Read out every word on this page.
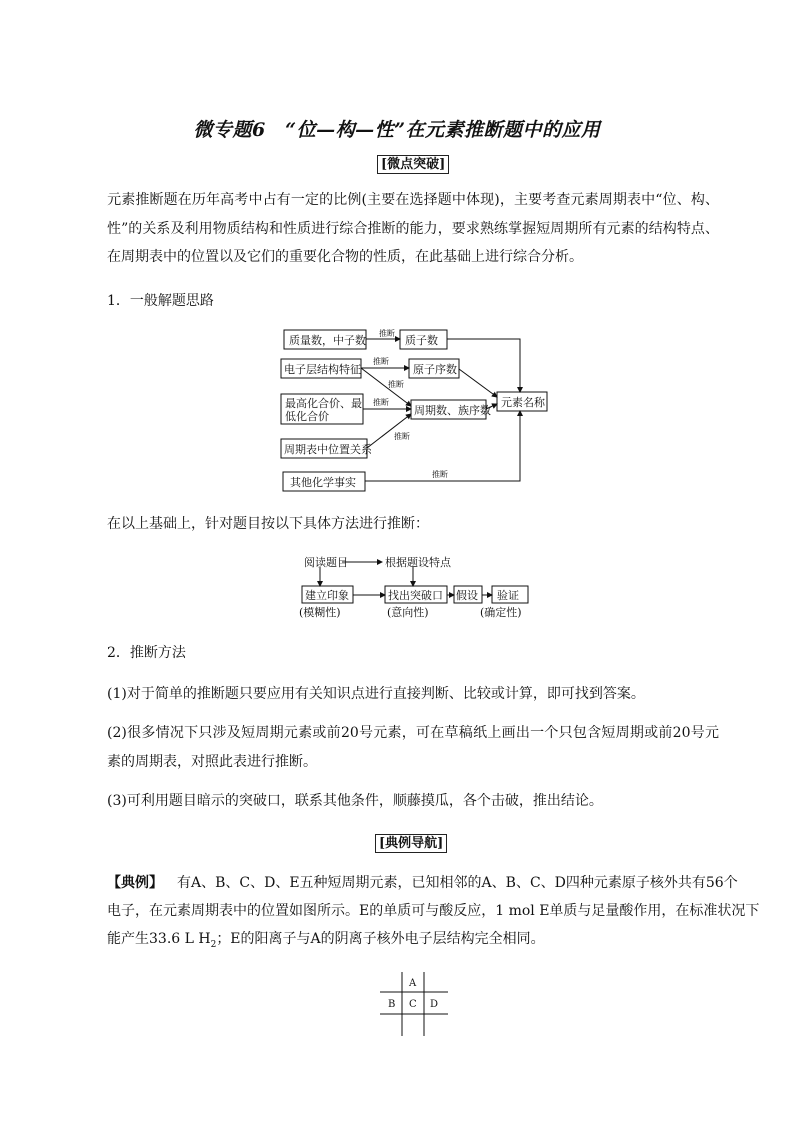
微专题6　“位—构—性”在元素推断题中的应用
[微点突破]
元素推断题在历年高考中占有一定的比例(主要在选择题中体现)，主要考查元素周期表中“位、构、性”的关系及利用物质结构和性质进行综合推断的能力，要求熟练掌握短周期所有元素的结构特点、在周期表中的位置以及它们的重要化合物的性质，在此基础上进行综合分析。
1．一般解题思路
质量数，中子数
电子层结构特征
最高化合价、最
低化合价
周期表中位置关系
其他化学事实
质子数
原子序数
周期数、族序数
元素名称
推断
推断
推断
推断
推断
推断
在以上基础上，针对题目按以下具体方法进行推断：
阅读题目	根据题设特点
建立印象	找出突破口 假设 验证
(模糊性)	(意向性)	(确定性)
2．推断方法
(1)对于简单的推断题只要应用有关知识点进行直接判断、比较或计算，即可找到答案。
(2)很多情况下只涉及短周期元素或前20号元素，可在草稿纸上画出一个只包含短周期或前20号元素的周期表，对照此表进行推断。
(3)可利用题目暗示的突破口，联系其他条件，顺藤摸瓜，各个击破，推出结论。
[典例导航]
【典例】 有A、B、C、D、E五种短周期元素，已知相邻的A、B、C、D四种元素原子核外共有56个
电子，在元素周期表中的位置如图所示。E的单质可与酸反应，1 mol E单质与足量酸作用，在标准状况下
能产生33.6 L $H_2$；E的阳离子与A的阴离子核外电子层结构完全相同。
A
B C D
